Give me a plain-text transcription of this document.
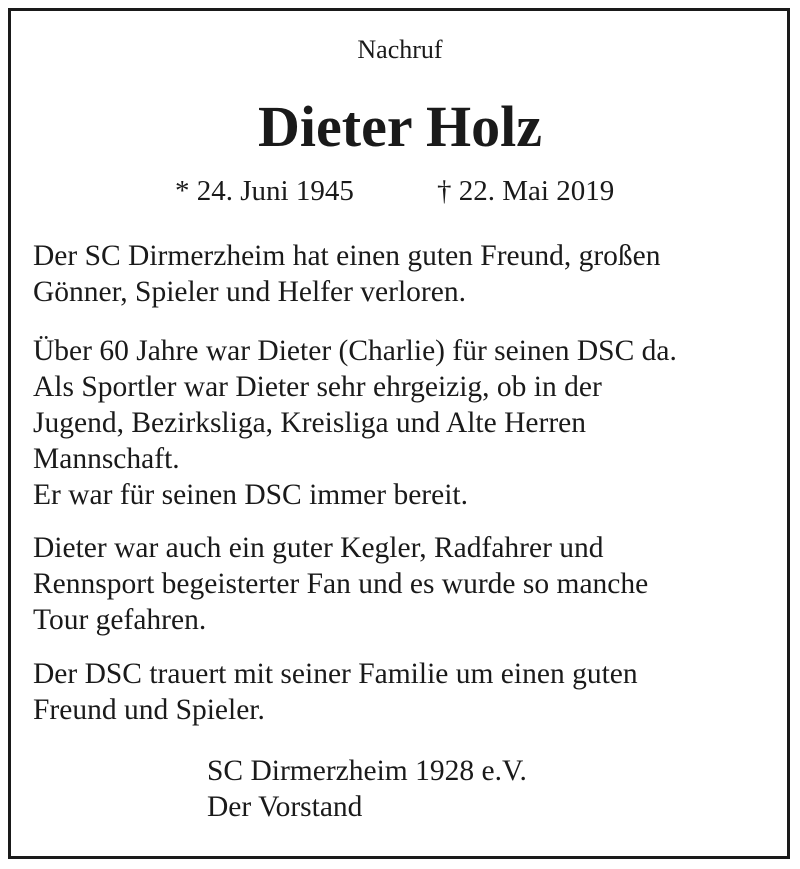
Nachruf
Dieter Holz
* 24. Juni 1945	† 22. Mai 2019
Der SC Dirmerzheim hat einen guten Freund, großen
Gönner, Spieler und Helfer verloren.
Über 60 Jahre war Dieter (Charlie) für seinen DSC da.
Als Sportler war Dieter sehr ehrgeizig, ob in der
Jugend, Bezirksliga, Kreisliga und Alte Herren
Mannschaft.
Er war für seinen DSC immer bereit.
Dieter war auch ein guter Kegler, Radfahrer und
Rennsport begeisterter Fan und es wurde so manche
Tour gefahren.
Der DSC trauert mit seiner Familie um einen guten
Freund und Spieler.
SC Dirmerzheim 1928 e.V.
Der Vorstand
